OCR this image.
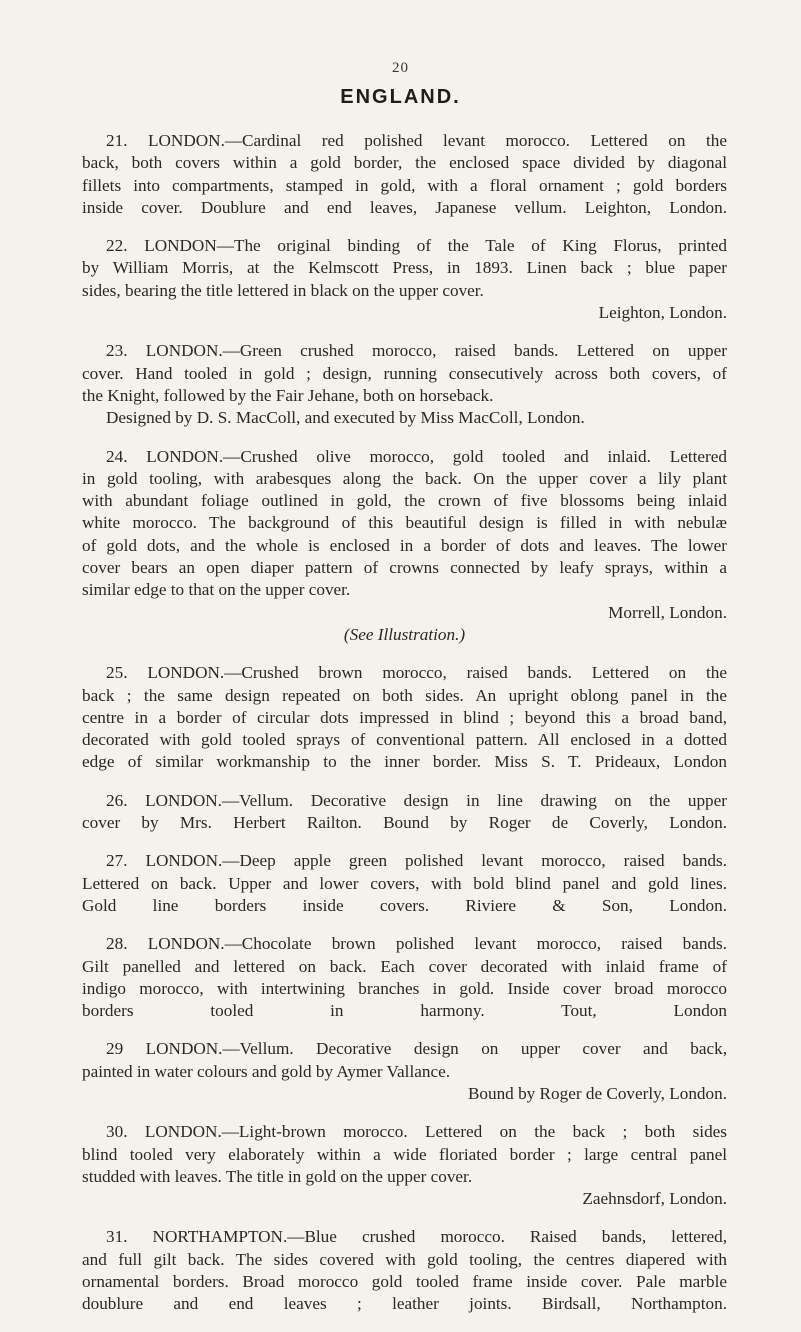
20
ENGLAND.
21. LONDON.—Cardinal red polished levant morocco. Lettered on the
back, both covers within a gold border, the enclosed space divided by diagonal
fillets into compartments, stamped in gold, with a floral ornament ; gold borders
inside cover. Doublure and end leaves, Japanese vellum. Leighton, London.
22. LONDON—The original binding of the Tale of King Florus, printed
by William Morris, at the Kelmscott Press, in 1893. Linen back ; blue paper
sides, bearing the title lettered in black on the upper cover.
Leighton, London.
23. LONDON.—Green crushed morocco, raised bands. Lettered on upper
cover. Hand tooled in gold ; design, running consecutively across both covers, of
the Knight, followed by the Fair Jehane, both on horseback.
Designed by D. S. MacColl, and executed by Miss MacColl, London.
24. LONDON.—Crushed olive morocco, gold tooled and inlaid. Lettered
in gold tooling, with arabesques along the back. On the upper cover a lily plant
with abundant foliage outlined in gold, the crown of five blossoms being inlaid
white morocco. The background of this beautiful design is filled in with nebulæ
of gold dots, and the whole is enclosed in a border of dots and leaves. The lower
cover bears an open diaper pattern of crowns connected by leafy sprays, within a
similar edge to that on the upper cover.
Morrell, London.
(See Illustration.)
25. LONDON.—Crushed brown morocco, raised bands. Lettered on the
back ; the same design repeated on both sides. An upright oblong panel in the
centre in a border of circular dots impressed in blind ; beyond this a broad band,
decorated with gold tooled sprays of conventional pattern. All enclosed in a dotted
edge of similar workmanship to the inner border. Miss S. T. Prideaux, London
26. LONDON.—Vellum. Decorative design in line drawing on the upper
cover by Mrs. Herbert Railton. Bound by Roger de Coverly, London.
27. LONDON.—Deep apple green polished levant morocco, raised bands.
Lettered on back. Upper and lower covers, with bold blind panel and gold lines.
Gold line borders inside covers. Riviere & Son, London.
28. LONDON.—Chocolate brown polished levant morocco, raised bands.
Gilt panelled and lettered on back. Each cover decorated with inlaid frame of
indigo morocco, with intertwining branches in gold. Inside cover broad morocco
borders tooled in harmony. Tout, London
29 LONDON.—Vellum. Decorative design on upper cover and back,
painted in water colours and gold by Aymer Vallance.
Bound by Roger de Coverly, London.
30. LONDON.—Light-brown morocco. Lettered on the back ; both sides
blind tooled very elaborately within a wide floriated border ; large central panel
studded with leaves. The title in gold on the upper cover.
Zaehnsdorf, London.
31. NORTHAMPTON.—Blue crushed morocco. Raised bands, lettered,
and full gilt back. The sides covered with gold tooling, the centres diapered with
ornamental borders. Broad morocco gold tooled frame inside cover. Pale marble
doublure and end leaves ; leather joints. Birdsall, Northampton.
